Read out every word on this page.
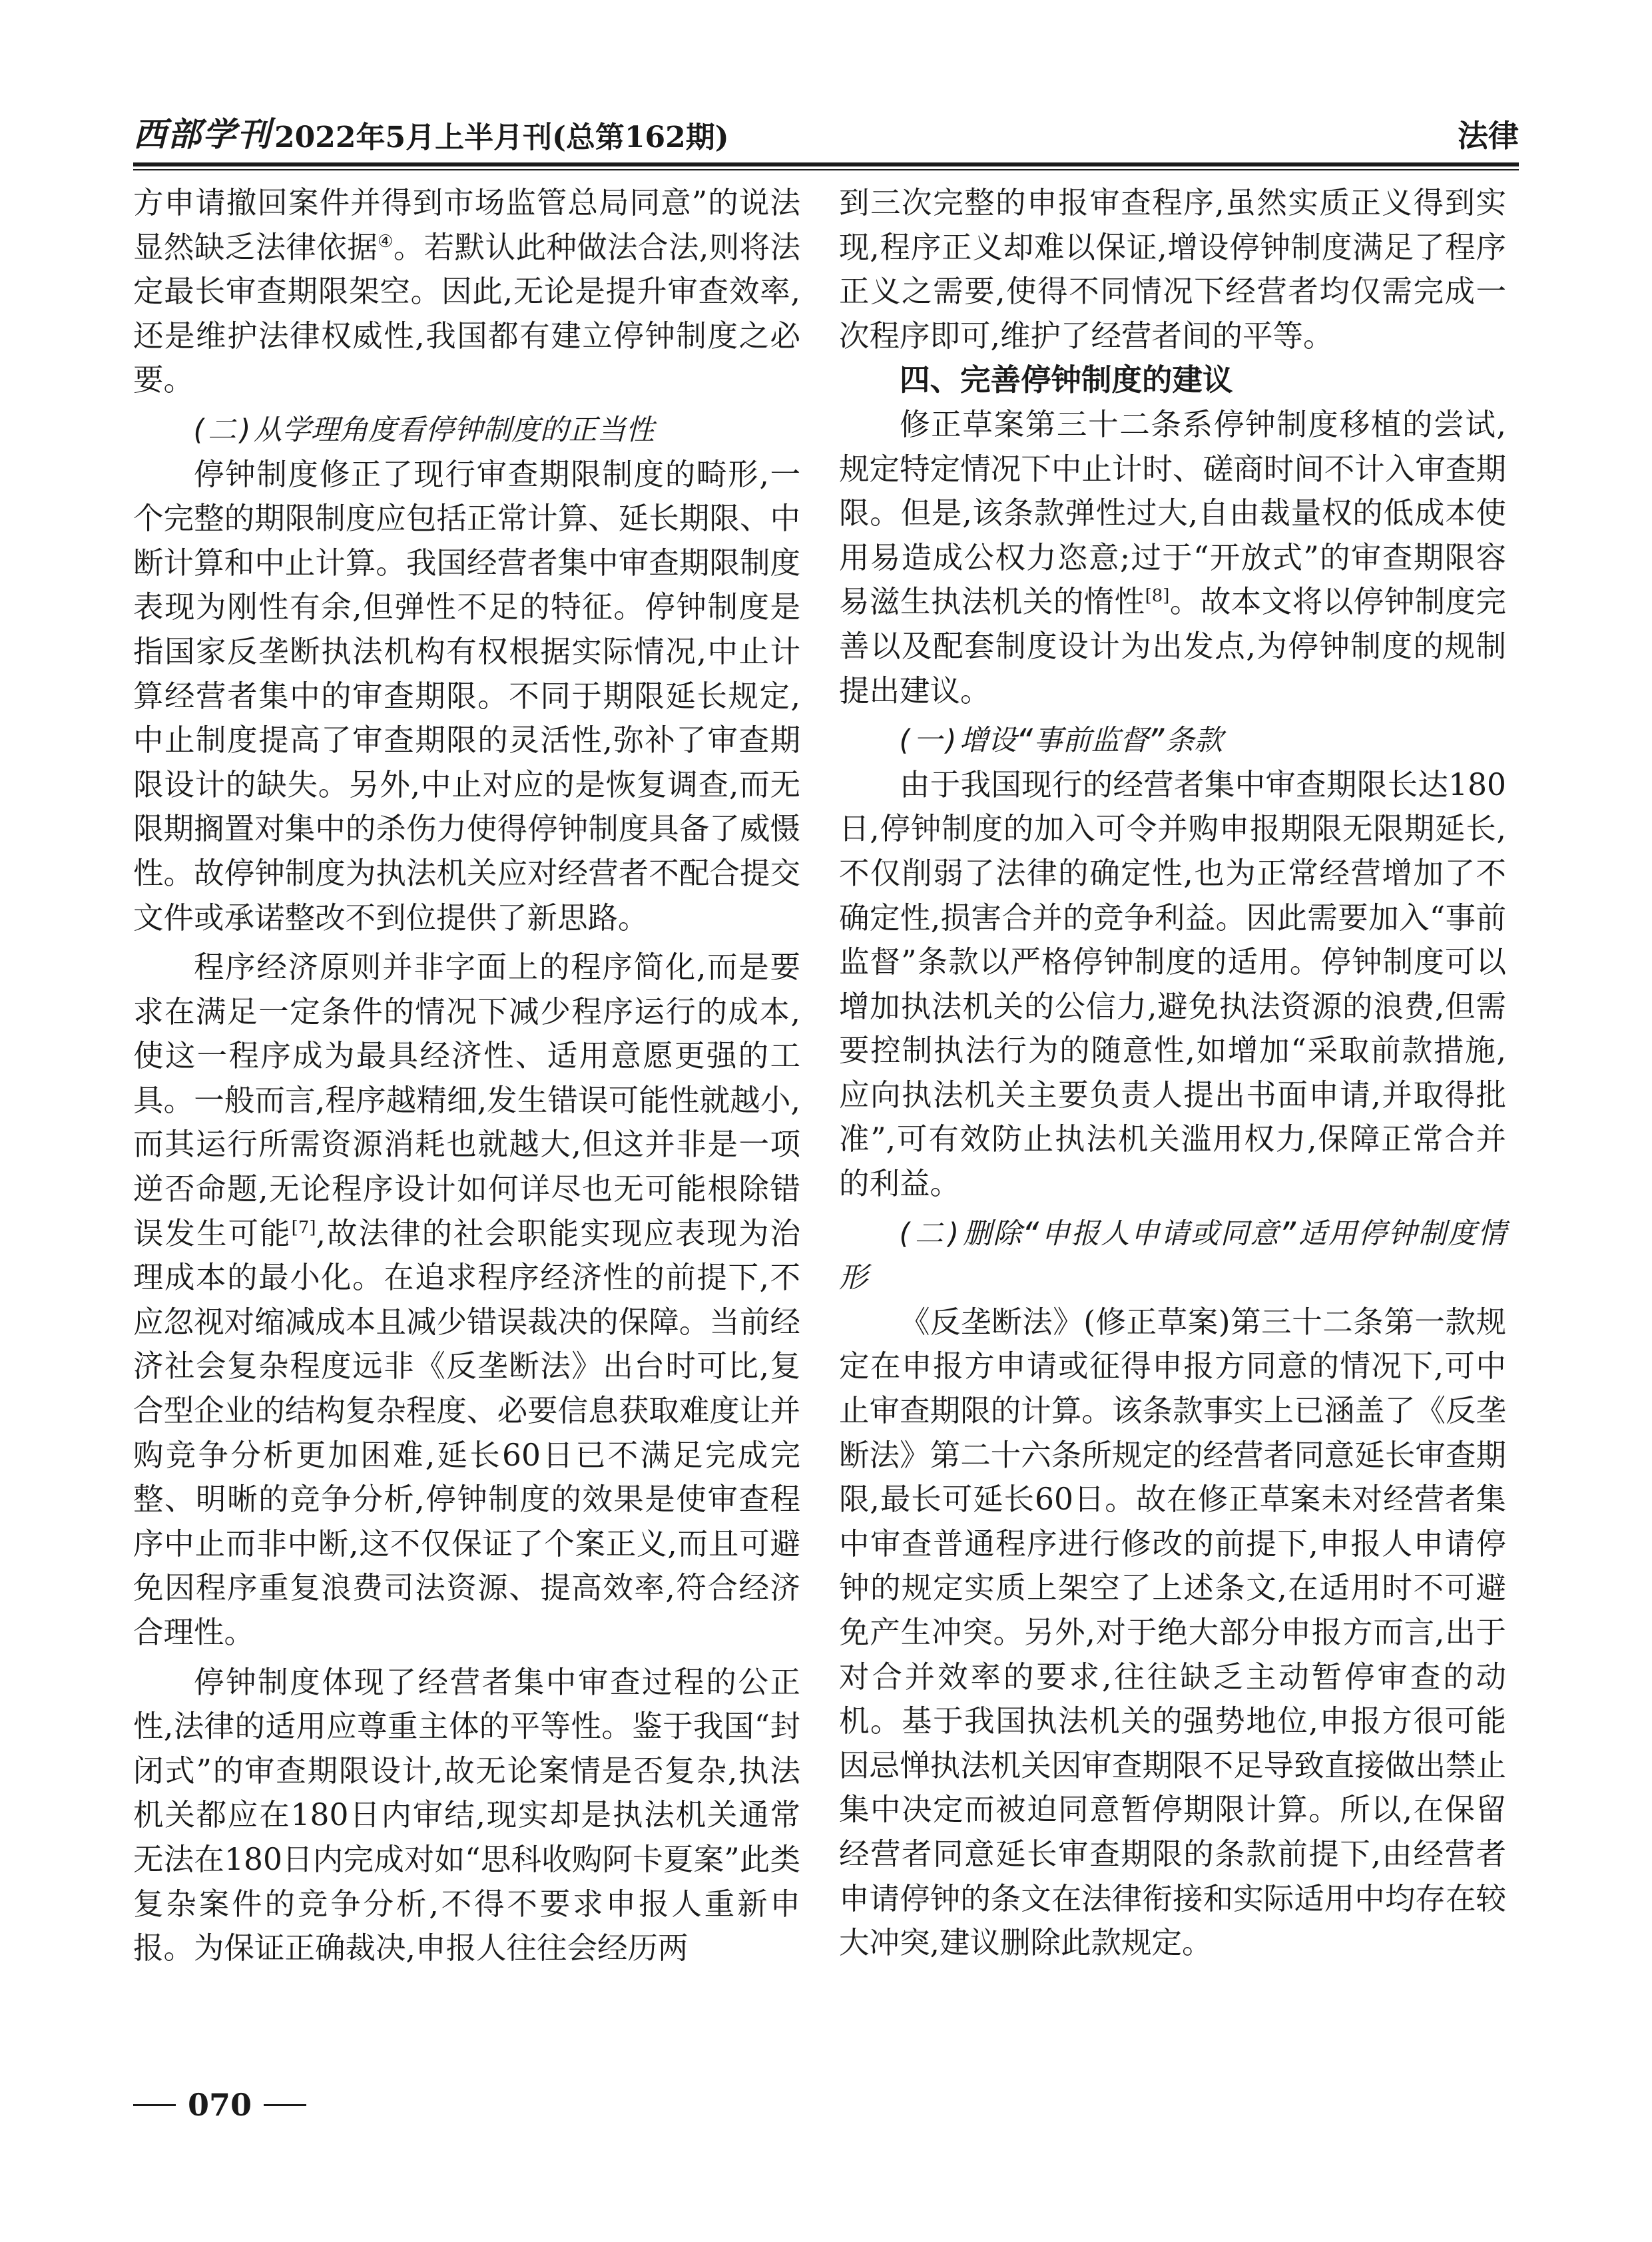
西部学刊 2022年5月上半月刊(总第162期)	法律

方申请撤回案件并得到市场监管总局同意”的说法显然缺乏法律依据④。若默认此种做法合法,则将法定最长审查期限架空。因此,无论是提升审查效率,还是维护法律权威性,我国都有建立停钟制度之必要。

(二)从学理角度看停钟制度的正当性

停钟制度修正了现行审查期限制度的畸形,一个完整的期限制度应包括正常计算、延长期限、中断计算和中止计算。我国经营者集中审查期限制度表现为刚性有余,但弹性不足的特征。停钟制度是指国家反垄断执法机构有权根据实际情况,中止计算经营者集中的审查期限。不同于期限延长规定,中止制度提高了审查期限的灵活性,弥补了审查期限设计的缺失。另外,中止对应的是恢复调查,而无限期搁置对集中的杀伤力使得停钟制度具备了威慑性。故停钟制度为执法机关应对经营者不配合提交文件或承诺整改不到位提供了新思路。

程序经济原则并非字面上的程序简化,而是要求在满足一定条件的情况下减少程序运行的成本,使这一程序成为最具经济性、适用意愿更强的工具。一般而言,程序越精细,发生错误可能性就越小,而其运行所需资源消耗也就越大,但这并非是一项逆否命题,无论程序设计如何详尽也无可能根除错误发生可能[7],故法律的社会职能实现应表现为治理成本的最小化。在追求程序经济性的前提下,不应忽视对缩减成本且减少错误裁决的保障。当前经济社会复杂程度远非《反垄断法》出台时可比,复合型企业的结构复杂程度、必要信息获取难度让并购竞争分析更加困难,延长60日已不满足完成完整、明晰的竞争分析,停钟制度的效果是使审查程序中止而非中断,这不仅保证了个案正义,而且可避免因程序重复浪费司法资源、提高效率,符合经济合理性。

停钟制度体现了经营者集中审查过程的公正性,法律的适用应尊重主体的平等性。鉴于我国“封闭式”的审查期限设计,故无论案情是否复杂,执法机关都应在180日内审结,现实却是执法机关通常无法在180日内完成对如“思科收购阿卡夏案”此类复杂案件的竞争分析,不得不要求申报人重新申报。为保证正确裁决,申报人往往会经历两

到三次完整的申报审查程序,虽然实质正义得到实现,程序正义却难以保证,增设停钟制度满足了程序正义之需要,使得不同情况下经营者均仅需完成一次程序即可,维护了经营者间的平等。

四、完善停钟制度的建议

修正草案第三十二条系停钟制度移植的尝试,规定特定情况下中止计时、磋商时间不计入审查期限。但是,该条款弹性过大,自由裁量权的低成本使用易造成公权力恣意;过于“开放式”的审查期限容易滋生执法机关的惰性[8]。故本文将以停钟制度完善以及配套制度设计为出发点,为停钟制度的规制提出建议。

(一)增设“事前监督”条款

由于我国现行的经营者集中审查期限长达180日,停钟制度的加入可令并购申报期限无限期延长,不仅削弱了法律的确定性,也为正常经营增加了不确定性,损害合并的竞争利益。因此需要加入“事前监督”条款以严格停钟制度的适用。停钟制度可以增加执法机关的公信力,避免执法资源的浪费,但需要控制执法行为的随意性,如增加“采取前款措施,应向执法机关主要负责人提出书面申请,并取得批准”,可有效防止执法机关滥用权力,保障正常合并的利益。

(二)删除“申报人申请或同意”适用停钟制度情形

《反垄断法》(修正草案)第三十二条第一款规定在申报方申请或征得申报方同意的情况下,可中止审查期限的计算。该条款事实上已涵盖了《反垄断法》第二十六条所规定的经营者同意延长审查期限,最长可延长60日。故在修正草案未对经营者集中审查普通程序进行修改的前提下,申报人申请停钟的规定实质上架空了上述条文,在适用时不可避免产生冲突。另外,对于绝大部分申报方而言,出于对合并效率的要求,往往缺乏主动暂停审查的动机。基于我国执法机关的强势地位,申报方很可能因忌惮执法机关因审查期限不足导致直接做出禁止集中决定而被迫同意暂停期限计算。所以,在保留经营者同意延长审查期限的条款前提下,由经营者申请停钟的条文在法律衔接和实际适用中均存在较大冲突,建议删除此款规定。

070
